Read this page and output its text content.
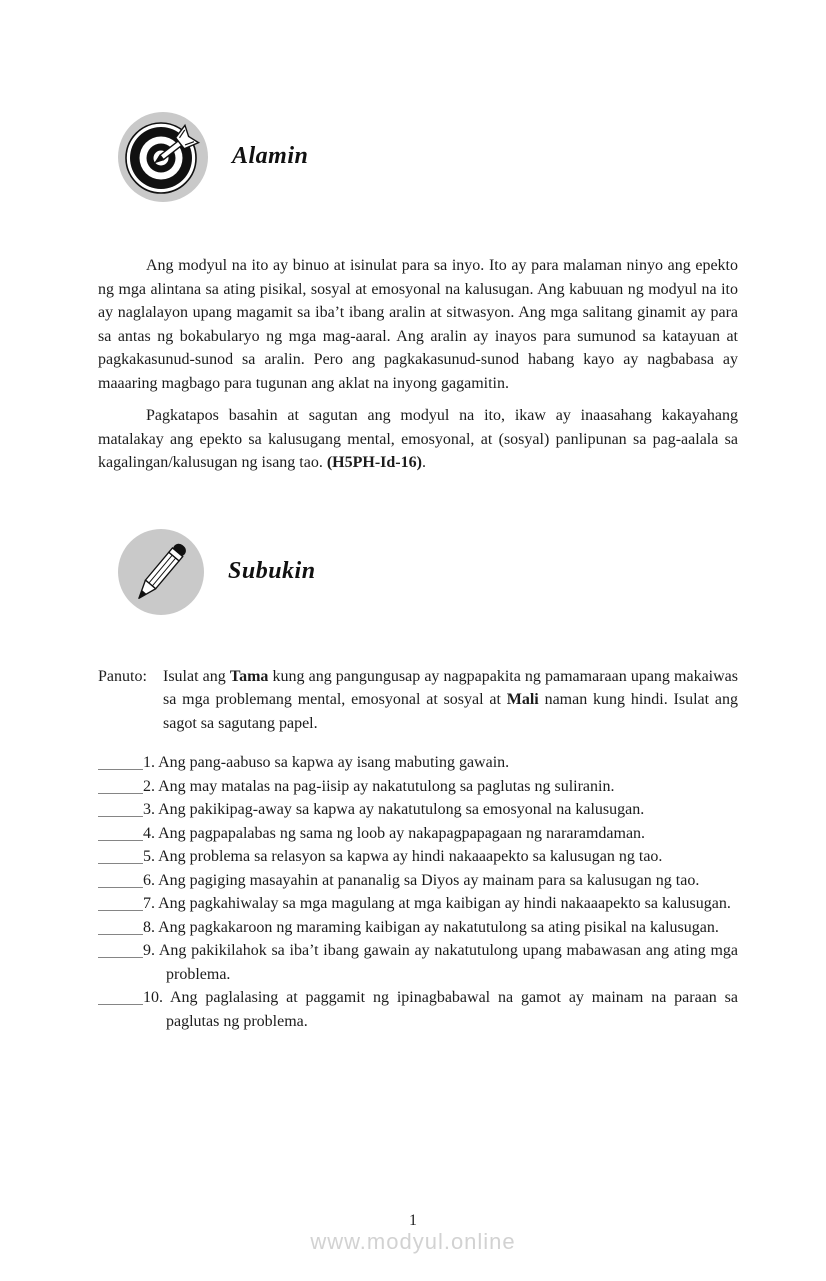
Alamin

Ang modyul na ito ay binuo at isinulat para sa inyo. Ito ay para malaman ninyo ang epekto ng mga alintana sa ating pisikal, sosyal at emosyonal na kalusugan. Ang kabuuan ng modyul na ito ay naglalayon upang magamit sa iba’t ibang aralin at sitwasyon. Ang mga salitang ginamit ay para sa antas ng bokabularyo ng mga mag-aaral. Ang aralin ay inayos para sumunod sa katayuan at pagkakasunud-sunod sa aralin. Pero ang pagkakasunud-sunod habang kayo ay nagbabasa ay maaaring magbago para tugunan ang aklat na inyong gagamitin.

Pagkatapos basahin at sagutan ang modyul na ito, ikaw ay inaasahang kakayahang matalakay ang epekto sa kalusugang mental, emosyonal, at (sosyal) panlipunan sa pag-aalala sa kagalingan/kalusugan ng isang tao. (H5PH-Id-16).

Subukin
Panuto:	Isulat ang Tama kung ang pangungusap ay nagpapakita ng pamamaraan upang makaiwas sa mga problemang mental, emosyonal at sosyal at Mali naman kung hindi. Isulat ang sagot sa sagutang papel.
1. Ang pang-aabuso sa kapwa ay isang mabuting gawain.
2. Ang may matalas na pag-iisip ay nakatutulong sa paglutas ng suliranin.
3. Ang pakikipag-away sa kapwa ay nakatutulong sa emosyonal na kalusugan.
4. Ang pagpapalabas ng sama ng loob ay nakapagpapagaan ng nararamdaman.
5. Ang problema sa relasyon sa kapwa ay hindi nakaaapekto sa kalusugan ng tao.
6. Ang pagiging masayahin at pananalig sa Diyos ay mainam para sa kalusugan ng tao.
7. Ang pagkahiwalay sa mga magulang at mga kaibigan ay hindi nakaaapekto sa kalusugan.
8. Ang pagkakaroon ng maraming kaibigan ay nakatutulong sa ating pisikal na kalusugan.
9. Ang pakikilahok sa iba’t ibang gawain ay nakatutulong upang mabawasan ang ating mga problema.
10. Ang paglalasing at paggamit ng ipinagbabawal na gamot ay mainam na paraan sa paglutas ng problema.
1
www.modyul.online
